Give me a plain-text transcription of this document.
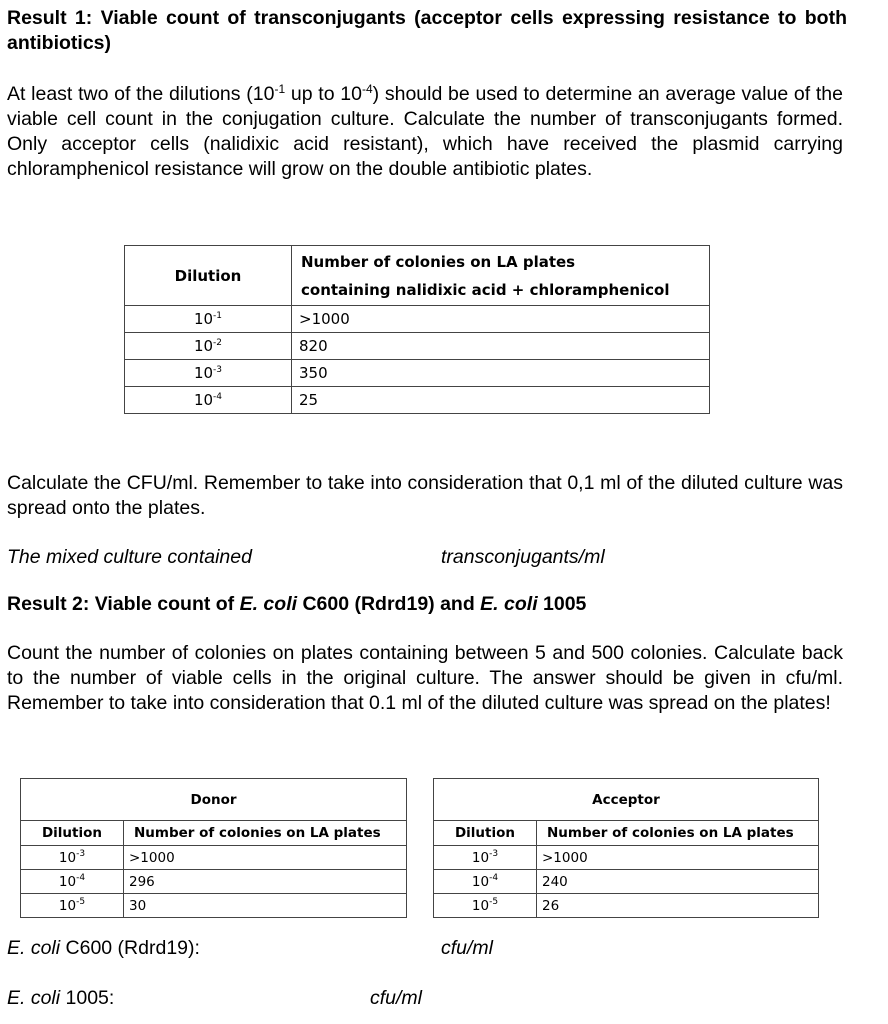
Result 1: Viable count of transconjugants (acceptor cells expressing resistance to both antibiotics)
At least two of the dilutions ($10^{-1}$ up to $10^{-4}$) should be used to determine an average value of the viable cell count in the conjugation culture. Calculate the number of transconjugants formed. Only acceptor cells (nalidixic acid resistant), which have received the plasmid carrying chloramphenicol resistance will grow on the double antibiotic plates.
Dilution	Number of colonies on LA plates
containing nalidixic acid + chloramphenicol

$10^{-1}$	>1000
$10^{-2}$	820
$10^{-3}$	350
$10^{-4}$	25
Calculate the CFU/ml. Remember to take into consideration that 0,1 ml of the diluted culture was spread onto the plates.
The mixed culture contained	transconjugants/ml
Result 2: Viable count of E. coli C600 (Rdrd19) and E. coli 1005
Count the number of colonies on plates containing between 5 and 500 colonies. Calculate back to the number of viable cells in the original culture. The answer should be given in cfu/ml. Remember to take into consideration that 0.1 ml of the diluted culture was spread on the plates!
Donor	
Dilution	Number of colonies on LA plates
$10^{-3}$	>1000
$10^{-4}$	296
$10^{-5}$	30
Acceptor	
Dilution	Number of colonies on LA plates
$10^{-3}$	>1000
$10^{-4}$	240
$10^{-5}$	26
E. coli C600 (Rdrd19):	cfu/ml
E. coli 1005:	cfu/ml
